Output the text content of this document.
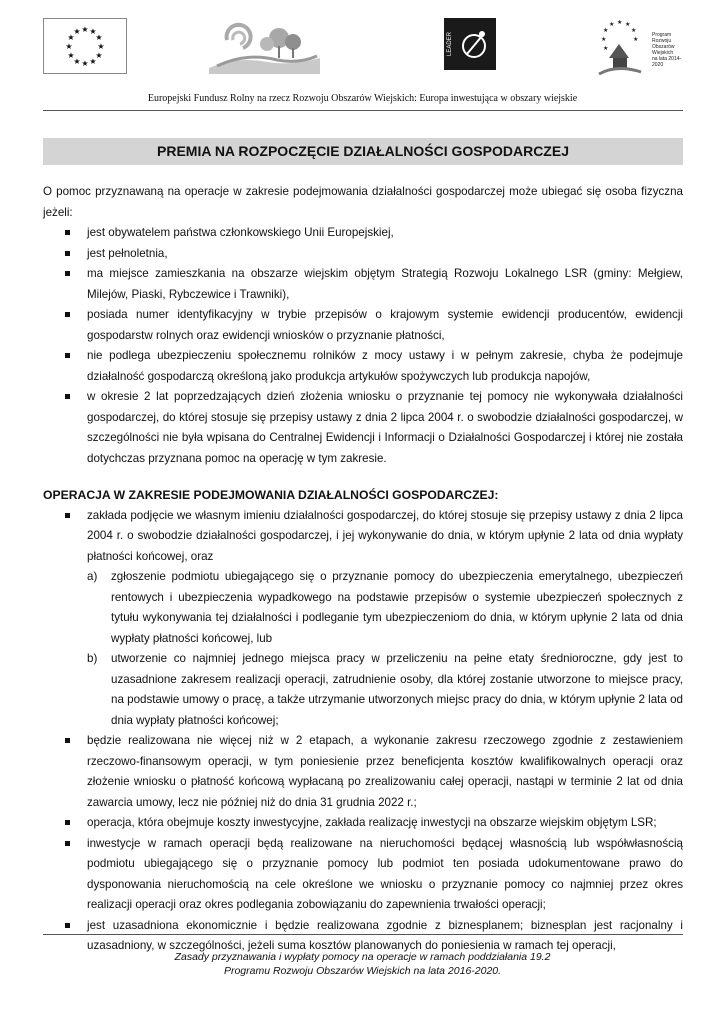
★ ★
★
★
★
★
★
★
★
★
★
★
LEADER
★ ★
★
★
★
★
★
★
Program
Rozwoju
Obszarów
Wiejskich
na lata 2014-2020
Europejski Fundusz Rolny na rzecz Rozwoju Obszarów Wiejskich: Europa inwestująca w obszary wiejskie
PREMIA NA ROZPOCZĘCIE DZIAŁALNOŚCI GOSPODARCZEJ

O pomoc przyznawaną na operacje w zakresie podejmowania działalności gospodarczej może ubiegać się osoba fizyczna jeżeli:

jest obywatelem państwa członkowskiego Unii Europejskiej,
jest pełnoletnia,
ma miejsce zamieszkania na obszarze wiejskim objętym Strategią Rozwoju Lokalnego LSR (gminy: Mełgiew, Milejów, Piaski, Rybczewice i Trawniki),
posiada numer identyfikacyjny w trybie przepisów o krajowym systemie ewidencji producentów, ewidencji gospodarstw rolnych oraz ewidencji wniosków o przyznanie płatności,
nie podlega ubezpieczeniu społecznemu rolników z mocy ustawy i w pełnym zakresie, chyba że podejmuje działalność gospodarczą określoną jako produkcja artykułów spożywczych lub produkcja napojów,
w okresie 2 lat poprzedzających dzień złożenia wniosku o przyznanie tej pomocy nie wykonywała działalności gospodarczej, do której stosuje się przepisy ustawy z dnia 2 lipca 2004 r. o swobodzie działalności gospodarczej, w szczególności nie była wpisana do Centralnej Ewidencji i Informacji o Działalności Gospodarczej i której nie została dotychczas przyznana pomoc na operację w tym zakresie.

OPERACJA W ZAKRESIE PODEJMOWANIA DZIAŁALNOŚCI GOSPODARCZEJ:

zakłada podjęcie we własnym imieniu działalności gospodarczej, do której stosuje się przepisy ustawy z dnia 2 lipca 2004 r. o swobodzie działalności gospodarczej, i jej wykonywanie do dnia, w którym upłynie 2 lata od dnia wypłaty płatności końcowej, oraz
a) zgłoszenie podmiotu ubiegającego się o przyznanie pomocy do ubezpieczenia emerytalnego, ubezpieczeń rentowych i ubezpieczenia wypadkowego na podstawie przepisów o systemie ubezpieczeń społecznych z tytułu wykonywania tej działalności i podleganie tym ubezpieczeniom do dnia, w którym upłynie 2 lata od dnia wypłaty płatności końcowej, lub
b) utworzenie co najmniej jednego miejsca pracy w przeliczeniu na pełne etaty średnioroczne, gdy jest to uzasadnione zakresem realizacji operacji, zatrudnienie osoby, dla której zostanie utworzone to miejsce pracy, na podstawie umowy o pracę, a także utrzymanie utworzonych miejsc pracy do dnia, w którym upłynie 2 lata od dnia wypłaty płatności końcowej;
będzie realizowana nie więcej niż w 2 etapach, a wykonanie zakresu rzeczowego zgodnie z zestawieniem rzeczowo-finansowym operacji, w tym poniesienie przez beneficjenta kosztów kwalifikowalnych operacji oraz złożenie wniosku o płatność końcową wypłacaną po zrealizowaniu całej operacji, nastąpi w terminie 2 lat od dnia zawarcia umowy, lecz nie później niż do dnia 31 grudnia 2022 r.;
operacja, która obejmuje koszty inwestycyjne, zakłada realizację inwestycji na obszarze wiejskim objętym LSR;
inwestycje w ramach operacji będą realizowane na nieruchomości będącej własnością lub współwłasnością podmiotu ubiegającego się o przyznanie pomocy lub podmiot ten posiada udokumentowane prawo do dysponowania nieruchomością na cele określone we wniosku o przyznanie pomocy co najmniej przez okres realizacji operacji oraz okres podlegania zobowiązaniu do zapewnienia trwałości operacji;
jest uzasadniona ekonomicznie i będzie realizowana zgodnie z biznesplanem; biznesplan jest racjonalny i uzasadniony, w szczególności, jeżeli suma kosztów planowanych do poniesienia w ramach tej operacji,
Zasady przyznawania i wypłaty pomocy na operacje w ramach poddziałania 19.2
Programu Rozwoju Obszarów Wiejskich na lata 2016-2020.
